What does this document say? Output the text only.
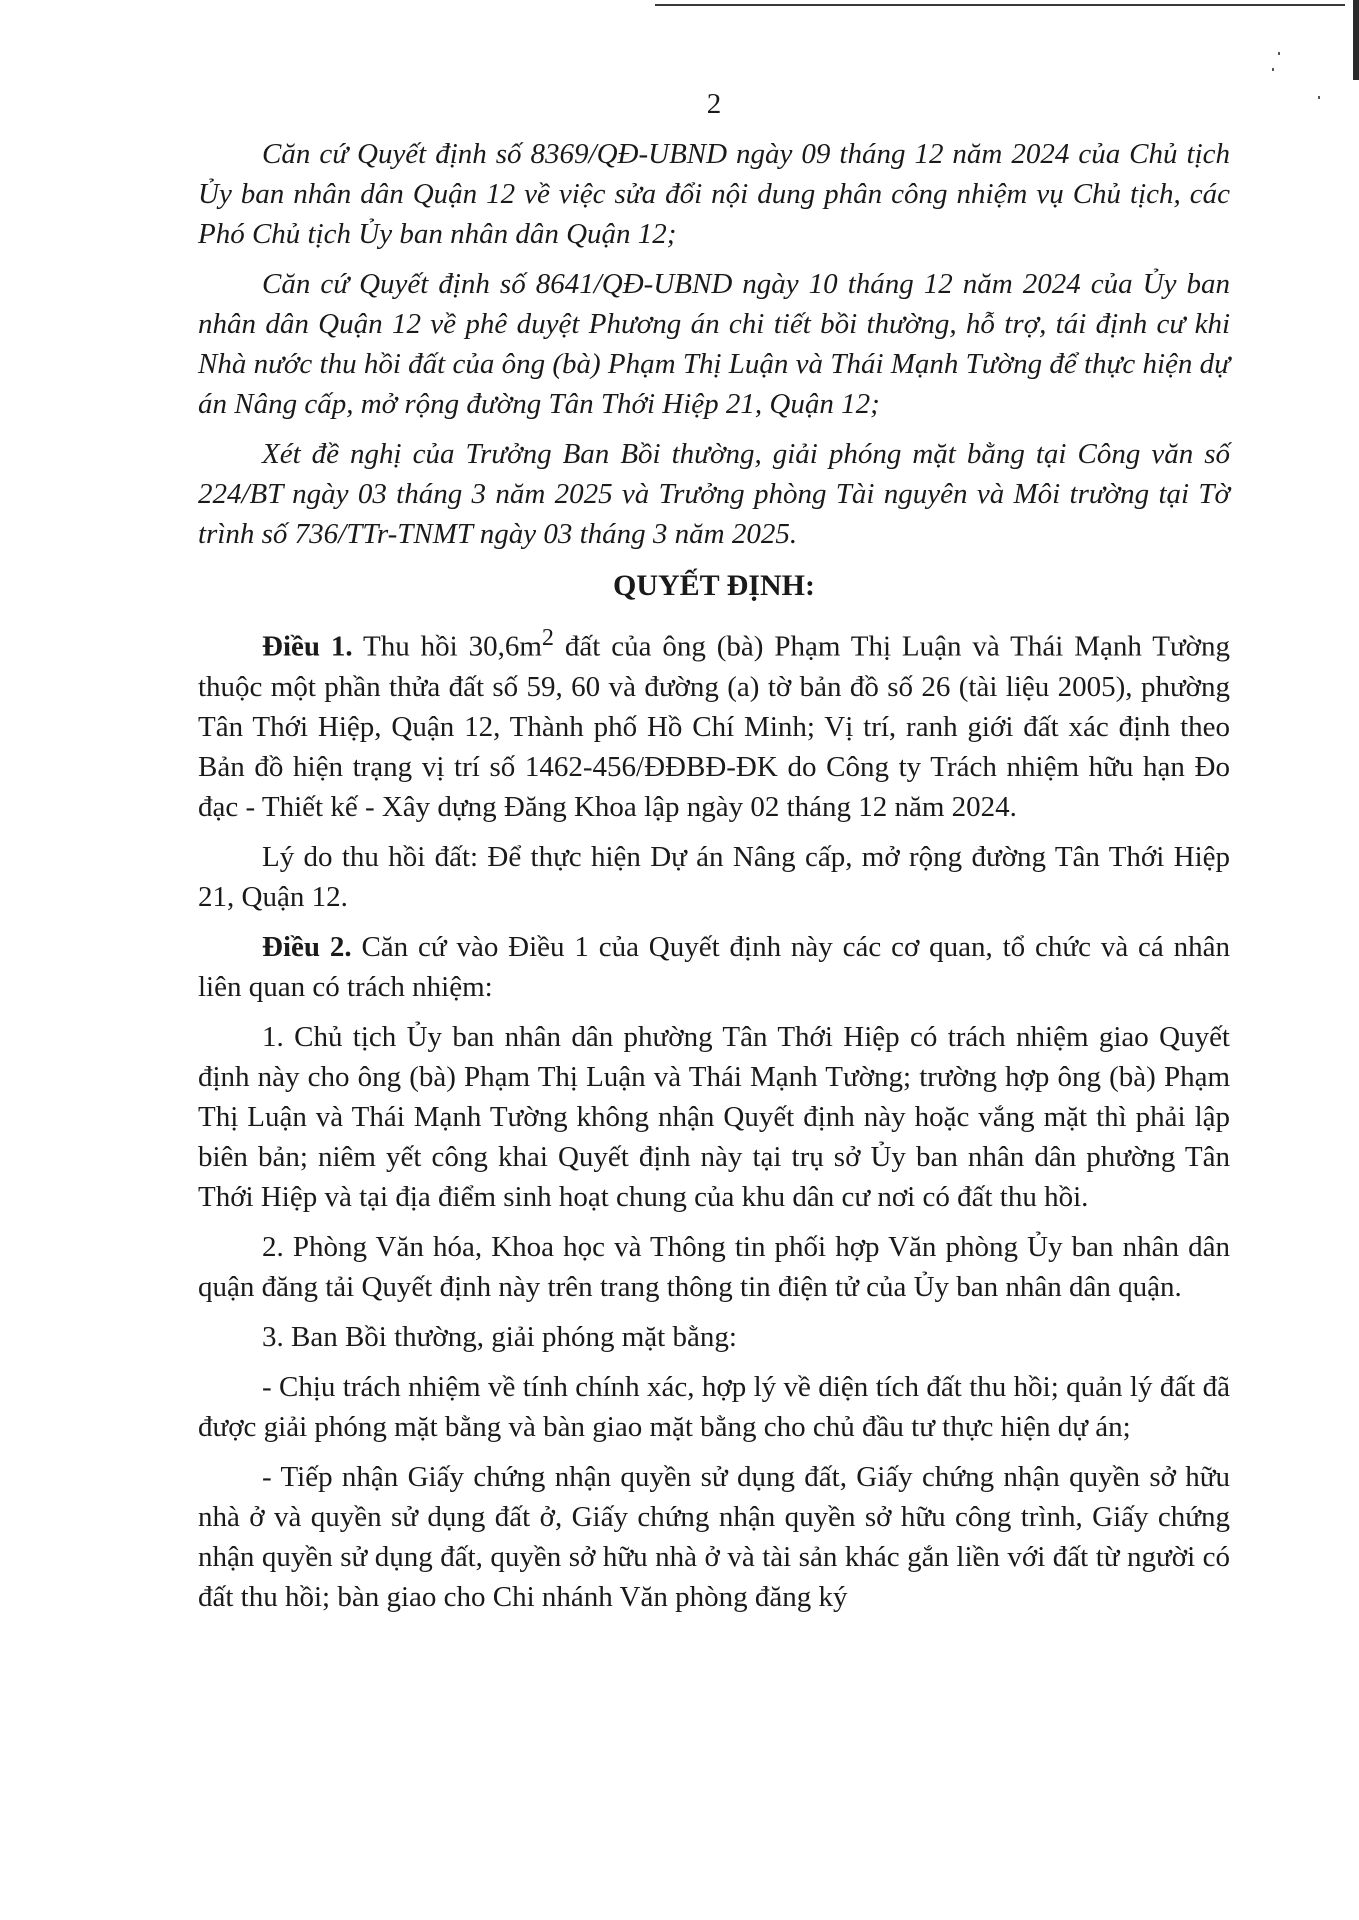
2

Căn cứ Quyết định số 8369/QĐ-UBND ngày 09 tháng 12 năm 2024 của Chủ tịch Ủy ban nhân dân Quận 12 về việc sửa đổi nội dung phân công nhiệm vụ Chủ tịch, các Phó Chủ tịch Ủy ban nhân dân Quận 12;

Căn cứ Quyết định số 8641/QĐ-UBND ngày 10 tháng 12 năm 2024 của Ủy ban nhân dân Quận 12 về phê duyệt Phương án chi tiết bồi thường, hỗ trợ, tái định cư khi Nhà nước thu hồi đất của ông (bà) Phạm Thị Luận và Thái Mạnh Tường để thực hiện dự án Nâng cấp, mở rộng đường Tân Thới Hiệp 21, Quận 12;

Xét đề nghị của Trưởng Ban Bồi thường, giải phóng mặt bằng tại Công văn số 224/BT ngày 03 tháng 3 năm 2025 và Trưởng phòng Tài nguyên và Môi trường tại Tờ trình số 736/TTr-TNMT ngày 03 tháng 3 năm 2025.

QUYẾT ĐỊNH:

Điều 1. Thu hồi $30,6m^2$ đất của ông (bà) Phạm Thị Luận và Thái Mạnh Tường thuộc một phần thửa đất số 59, 60 và đường (a) tờ bản đồ số 26 (tài liệu 2005), phường Tân Thới Hiệp, Quận 12, Thành phố Hồ Chí Minh; Vị trí, ranh giới đất xác định theo Bản đồ hiện trạng vị trí số 1462-456/ĐĐBĐ-ĐK do Công ty Trách nhiệm hữu hạn Đo đạc - Thiết kế - Xây dựng Đăng Khoa lập ngày 02 tháng 12 năm 2024.

Lý do thu hồi đất: Để thực hiện Dự án Nâng cấp, mở rộng đường Tân Thới Hiệp 21, Quận 12.

Điều 2. Căn cứ vào Điều 1 của Quyết định này các cơ quan, tổ chức và cá nhân liên quan có trách nhiệm:

1. Chủ tịch Ủy ban nhân dân phường Tân Thới Hiệp có trách nhiệm giao Quyết định này cho ông (bà) Phạm Thị Luận và Thái Mạnh Tường; trường hợp ông (bà) Phạm Thị Luận và Thái Mạnh Tường không nhận Quyết định này hoặc vắng mặt thì phải lập biên bản; niêm yết công khai Quyết định này tại trụ sở Ủy ban nhân dân phường Tân Thới Hiệp và tại địa điểm sinh hoạt chung của khu dân cư nơi có đất thu hồi.

2. Phòng Văn hóa, Khoa học và Thông tin phối hợp Văn phòng Ủy ban nhân dân quận đăng tải Quyết định này trên trang thông tin điện tử của Ủy ban nhân dân quận.

3. Ban Bồi thường, giải phóng mặt bằng:

- Chịu trách nhiệm về tính chính xác, hợp lý về diện tích đất thu hồi; quản lý đất đã được giải phóng mặt bằng và bàn giao mặt bằng cho chủ đầu tư thực hiện dự án;

- Tiếp nhận Giấy chứng nhận quyền sử dụng đất, Giấy chứng nhận quyền sở hữu nhà ở và quyền sử dụng đất ở, Giấy chứng nhận quyền sở hữu công trình, Giấy chứng nhận quyền sử dụng đất, quyền sở hữu nhà ở và tài sản khác gắn liền với đất từ người có đất thu hồi; bàn giao cho Chi nhánh Văn phòng đăng ký
